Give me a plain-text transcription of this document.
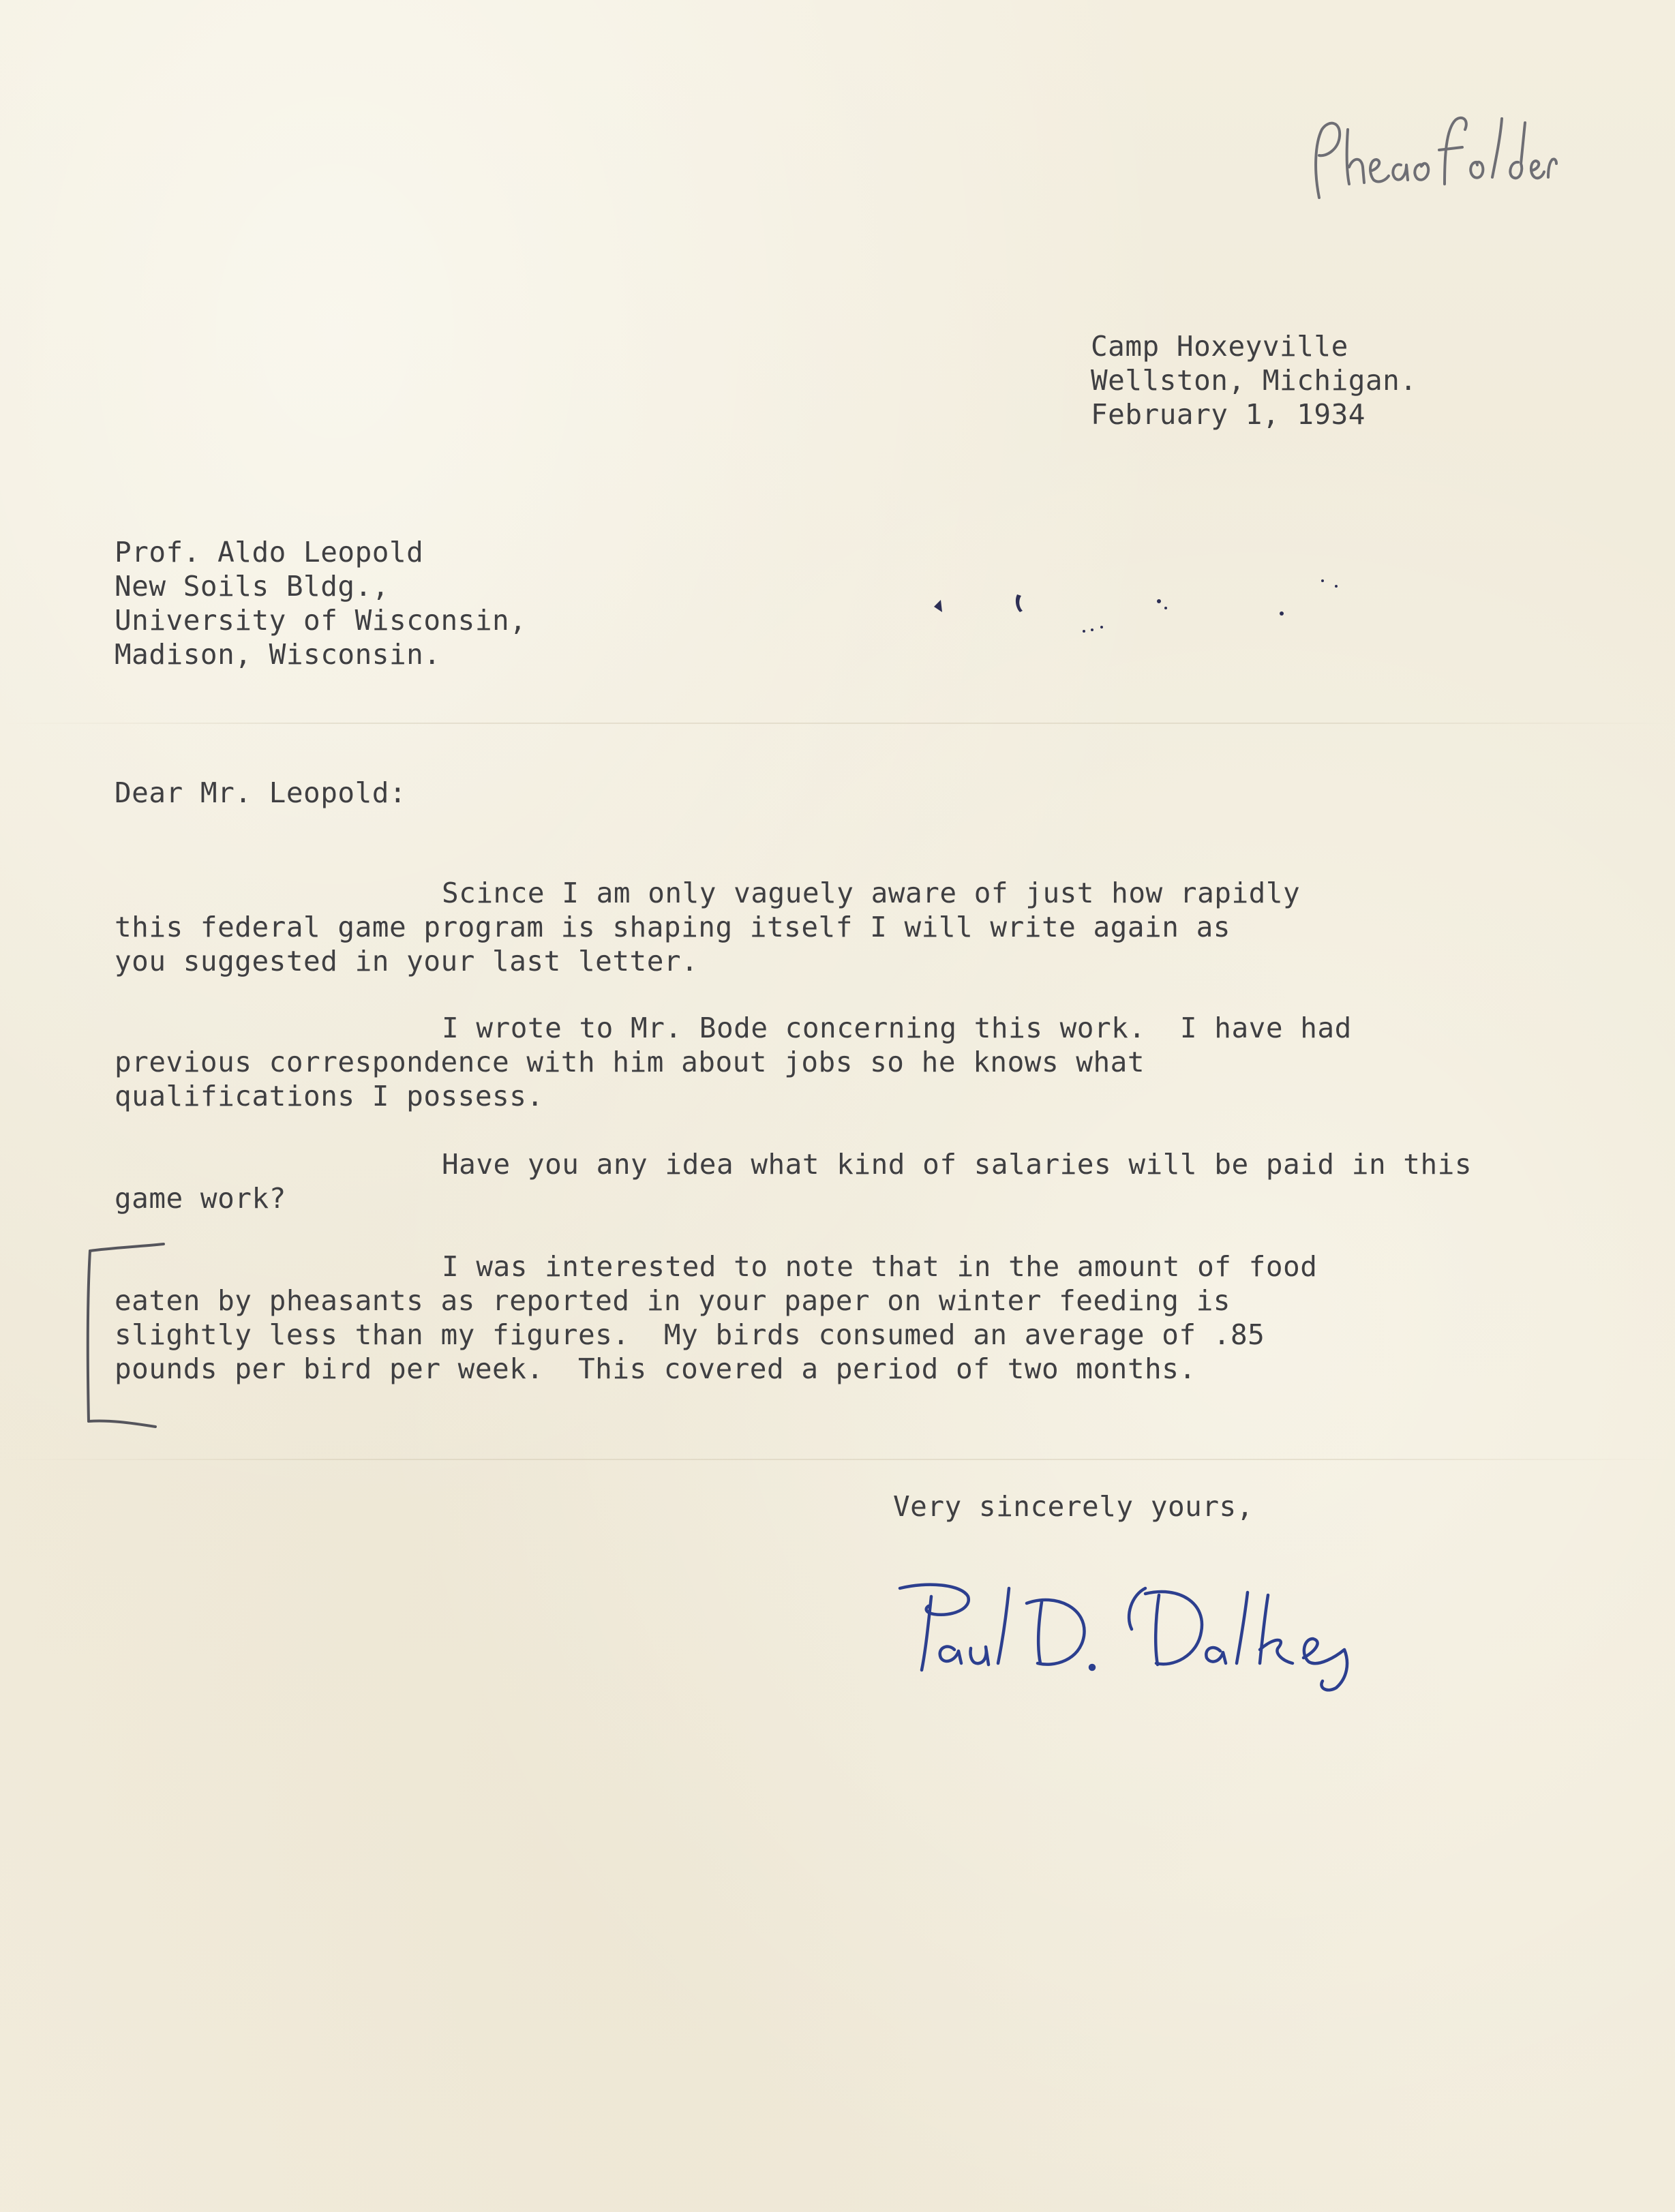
Pheas folder
Camp Hoxeyville
Wellston, Michigan.
February 1, 1934
Prof. Aldo Leopold
New Soils Bldg.,
University of Wisconsin,
Madison, Wisconsin.
Dear Mr. Leopold:
Scince I am only vaguely aware of just how rapidly
this federal game program is shaping itself I will write again as
you suggested in your last letter.
I wrote to Mr. Bode concerning this work.  I have had
previous correspondence with him about jobs so he knows what
qualifications I possess.
Have you any idea what kind of salaries will be paid in this
game work?
I was interested to note that in the amount of food
eaten by pheasants as reported in your paper on winter feeding is
slightly less than my figures.  My birds consumed an average of .85
pounds per bird per week.  This covered a period of two months.
Very sincerely yours,
Paul D. Dalke
